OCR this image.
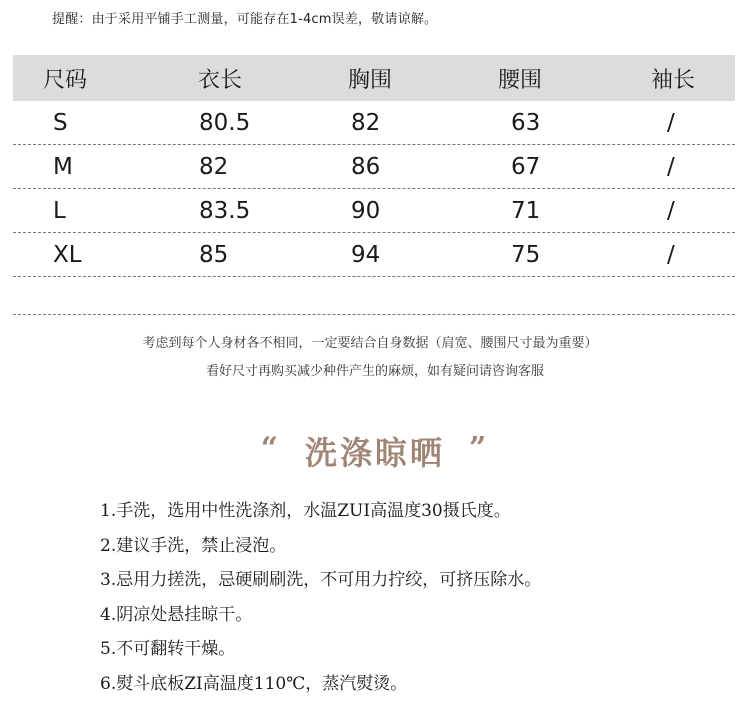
提醒：由于采用平铺手工测量，可能存在1-4cm误差，敬请谅解。
尺码	衣长	胸围	腰围	袖长
S	80.5	82	63	/
M	82	86	67	/
L	83.5	90	71	/
XL	85	94	75	/
考虑到每个人身材各不相同，一定要结合自身数据（肩宽、腰围尺寸最为重要）
看好尺寸再购买减少种件产生的麻烦，如有疑问请咨询客服
“ 洗涤晾晒 ”
1.手洗，选用中性洗涤剂，水温ZUI高温度30摄氏度。
2.建议手洗，禁止浸泡。
3.忌用力搓洗，忌硬刷刷洗，不可用力拧绞，可挤压除水。
4.阴凉处悬挂晾干。
5.不可翻转干燥。
6.熨斗底板ZI高温度110℃，蒸汽熨烫。
